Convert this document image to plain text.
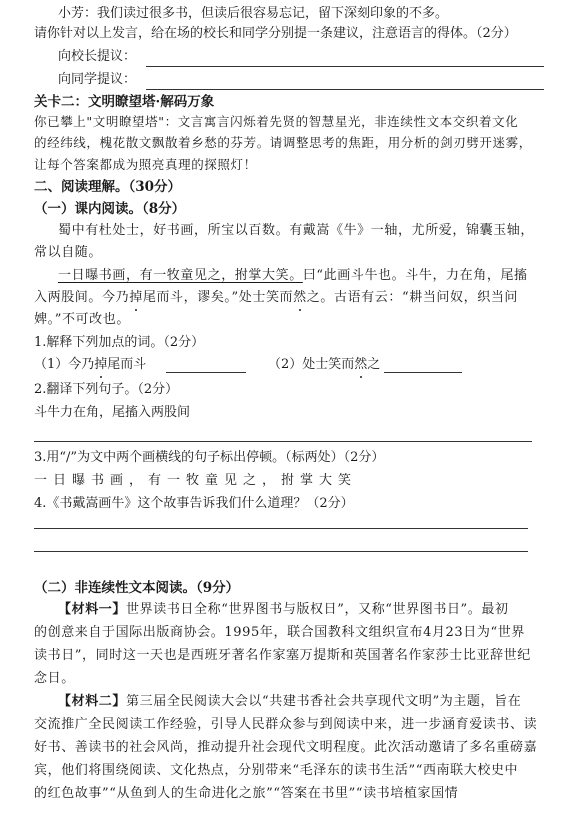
小芳：我们读过很多书，但读后很容易忘记，留下深刻印象的不多。
请你针对以上发言，给在场的校长和同学分别提一条建议，注意语言的得体。（2分）
向校长提议：
向同学提议：
关卡二：文明瞭望塔·解码万象
你已攀上"文明瞭望塔"：文言寓言闪烁着先贤的智慧星光，非连续性文本交织着文化
的经纬线，槐花散文飘散着乡愁的芬芳。请调整思考的焦距，用分析的剑刃劈开迷雾，
让每个答案都成为照亮真理的探照灯！
二、阅读理解。（30分）
（一）课内阅读。（8分）
蜀中有杜处士，好书画，所宝以百数。有戴嵩《牛》一轴，尤所爱，锦囊玉轴，
常以自随。
一日曝书画，有一牧童见之，拊掌大笑。曰“此画斗牛也。斗牛，力在角，尾搐
入两股间。今乃掉尾而斗，谬矣。”处士笑而然之。古语有云：“耕当问奴，织当问
婢。”不可改也。
1.解释下列加点的词。（2分）
（1）今乃掉尾而斗	（2）处士笑而然之
2.翻译下列句子。（2分）
斗牛力在角，尾搐入两股间
3.用“/”为文中两个画横线的句子标出停顿。（标两处）（2分）
一日曝书画，有一牧童见之，拊掌大笑
4.《书戴嵩画牛》这个故事告诉我们什么道理？（2分）
（二）非连续性文本阅读。（9分）
【材料一】世界读书日全称“世界图书与版权日”，又称“世界图书日”。最初
的创意来自于国际出版商协会。1995年，联合国教科文组织宣布4月23日为“世界
读书日”，同时这一天也是西班牙著名作家塞万提斯和英国著名作家莎士比亚辞世纪
念日。
【材料二】第三届全民阅读大会以“共建书香社会共享现代文明”为主题，旨在
交流推广全民阅读工作经验，引导人民群众参与到阅读中来，进一步涵育爱读书、读
好书、善读书的社会风尚，推动提升社会现代文明程度。此次活动邀请了多名重磅嘉
宾，他们将围绕阅读、文化热点，分别带来“毛泽东的读书生活”“西南联大校史中
的红色故事”“从鱼到人的生命进化之旅”“答案在书里”“读书培植家国情
